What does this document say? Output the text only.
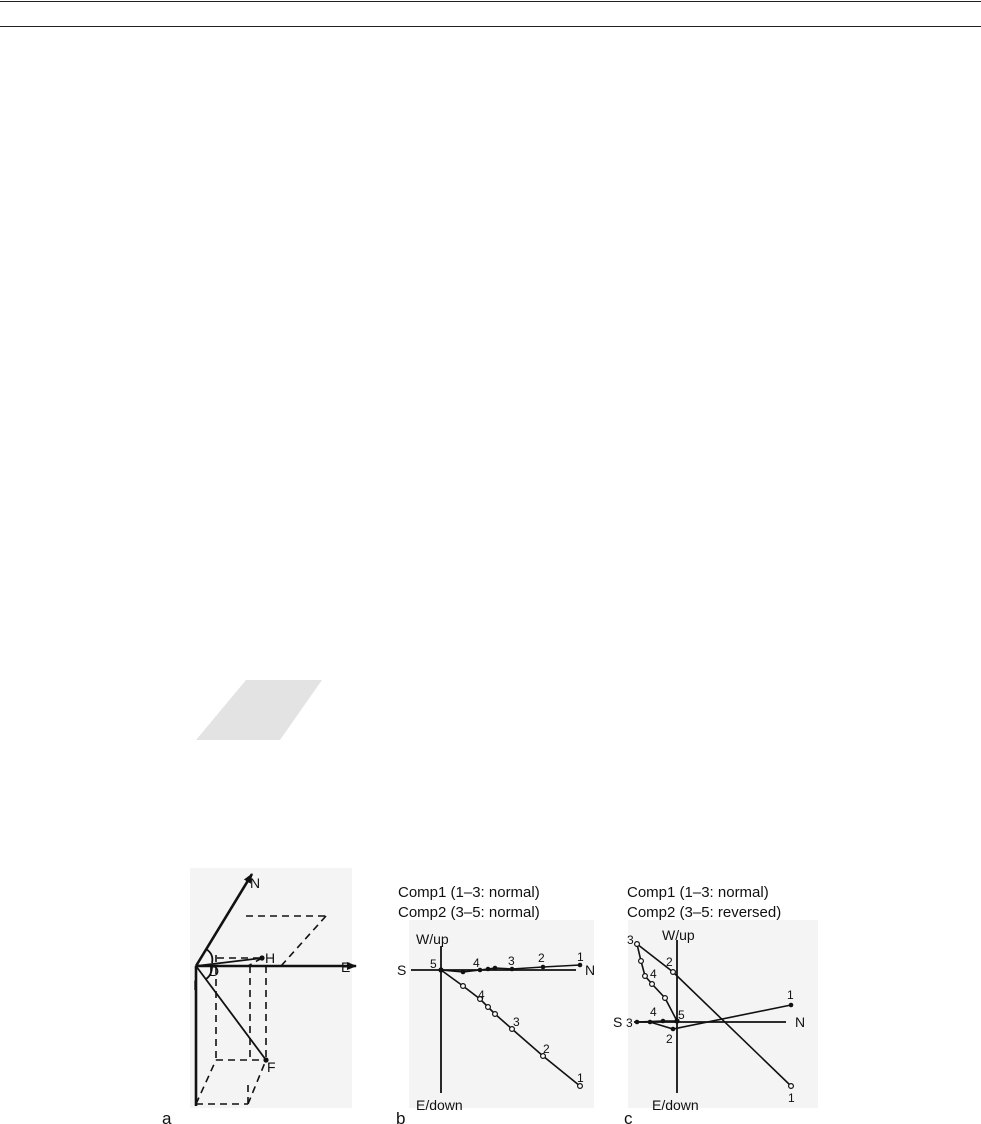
N
E
H
D
I
F
a
Comp1 (1–3: normal)
Comp2 (3–5: normal)
W/up
E/down
S	N
1
2
3
4
5
1
2
3
4
b
Comp1 (1–3: normal)
Comp2 (3–5: reversed)
W/up
E/down
S	N
1
2
3
4 5
1
2
3
4
c
